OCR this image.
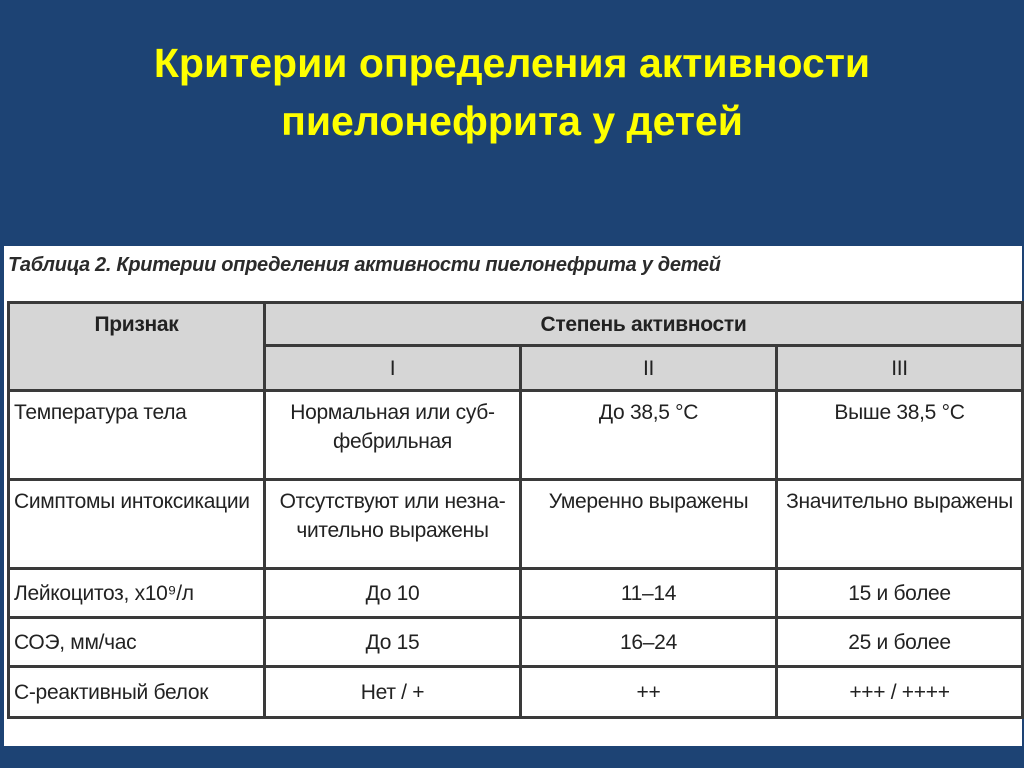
Критерии определения активности
пиелонефрита у детей
Таблица 2. Критерии определения активности пиелонефрита у детей
Признак	Степень активности		
	I	II	III
Температура тела	Нормальная или суб-фебрильная	До 38,5 °C	Выше 38,5 °C
Симптомы интоксикации	Отсутствуют или незна-чительно выражены	Умеренно выражены	Значительно выражены
Лейкоцитоз, х10⁹/л	До 10	11–14	15 и более
СОЭ, мм/час	До 15	16–24	25 и более
С-реактивный белок	Нет / +	++	+++ / ++++
